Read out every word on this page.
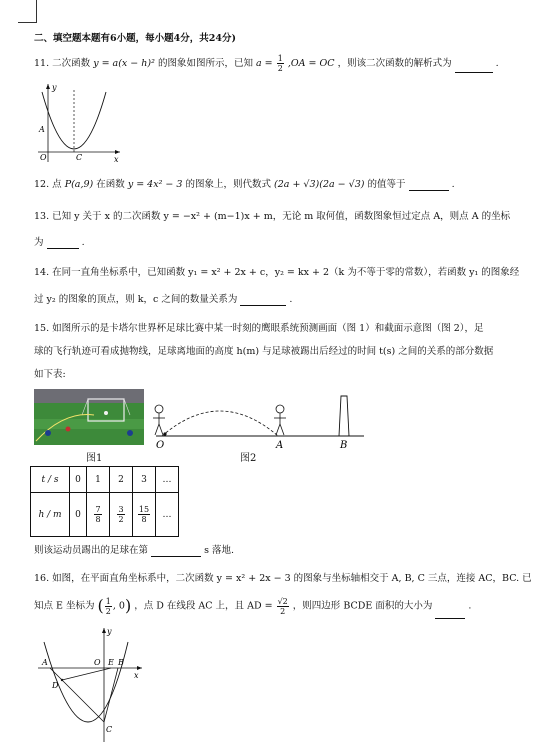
二、填空题本题有6小题，每小题4分，共24分)
11. 二次函数 y = a(x − h)² 的图象如图所示，已知 $a = \frac{1}{2} ,OA$ = OC ，则该二次函数的解析式为	.
y
A
O	C	x
12. 点 P(a,9) 在函数 y = 4x² − 3 的图象上，则代数式 (2a + √3)(2a − √3) 的值等于	.
13. 已知 y 关于 x 的二次函数 y = −x² + (m−1)x + m，无论 m 取何值，函数图象恒过定点 A，则点 A 的坐标
为	.
14. 在同一直角坐标系中，已知函数 y₁ = x² + 2x + c，y₂ = kx + 2（k 为不等于零的常数），若函数 y₁ 的图象经
过 y₂ 的图象的顶点，则 k，c 之间的数量关系为	.
15. 如图所示的是卡塔尔世界杯足球比赛中某一时刻的鹰眼系统预测画面（图 1）和截面示意图（图 2），足
球的飞行轨迹可看成抛物线，足球离地面的高度 h(m) 与足球被踢出后经过的时间 t(s) 之间的关系的部分数据
如下表:
图1
O	A	B
图2
t / s	0	1	2	3	…
h / m	0	$\frac{7}{8}$	$\frac{3}{2}$	$\frac{15}{8}$	…
则该运动员踢出的足球在第	s 落地.
16. 如图，在平面直角坐标系中，二次函数 y = x² + 2x − 3 的图象与坐标轴相交于 A, B, C 三点，连接 AC，BC. 已
知点 E 坐标为 ( $\frac{1}{2}$ , 0) ，点 D 在线段 AC 上，且 AD = $\frac{√2}{2}$ ，则四边形 BCDE 面积的大小为	.
y
A	O E B
D
C
x
